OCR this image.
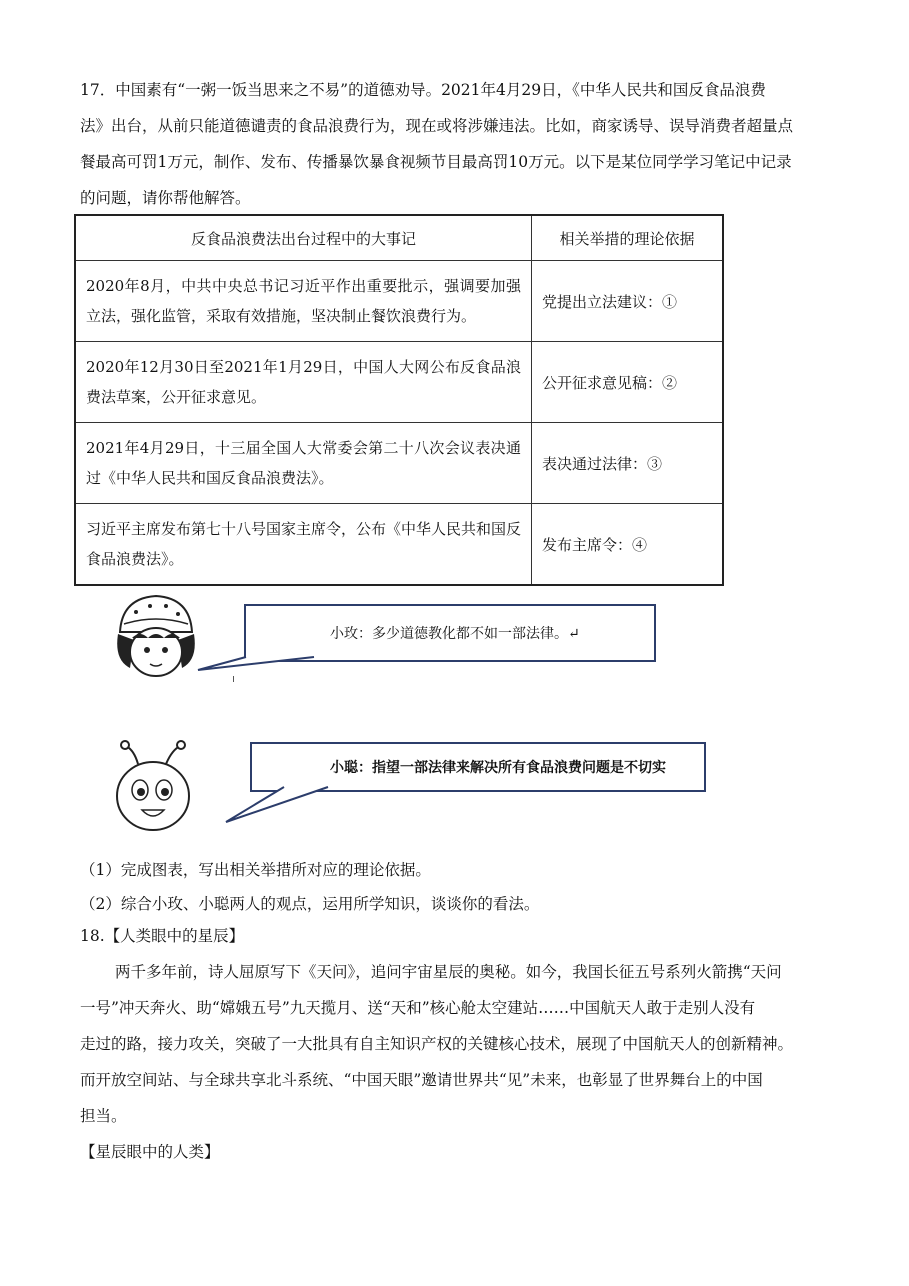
17．中国素有“一粥一饭当思来之不易”的道德劝导。2021年4月29日，《中华人民共和国反食品浪费
法》出台，从前只能道德谴责的食品浪费行为，现在或将涉嫌违法。比如，商家诱导、误导消费者超量点
餐最高可罚1万元，制作、发布、传播暴饮暴食视频节目最高罚10万元。以下是某位同学学习笔记中记录
的问题，请你帮他解答。
反食品浪费法出台过程中的大事记	相关举措的理论依据
2020年8月，中共中央总书记习近平作出重要批示，强调要加强立法，强化监管，采取有效措施，坚决制止餐饮浪费行为。	党提出立法建议：①
2020年12月30日至2021年1月29日，中国人大网公布反食品浪费法草案，公开征求意见。	公开征求意见稿：②
2021年4月29日，十三届全国人大常委会第二十八次会议表决通过《中华人民共和国反食品浪费法》。	表决通过法律：③
习近平主席发布第七十八号国家主席令，公布《中华人民共和国反食品浪费法》。	发布主席令：④
小玫：多少道德教化都不如一部法律。↵
小聪：指望一部法律来解决所有食品浪费问题是不切实
（1）完成图表，写出相关举措所对应的理论依据。
（2）综合小玫、小聪两人的观点，运用所学知识，谈谈你的看法。
18.【人类眼中的星辰】
两千多年前，诗人屈原写下《天问》，追问宇宙星辰的奥秘。如今，我国长征五号系列火箭携“天问
一号”冲天奔火、助“嫦娥五号”九天揽月、送“天和”核心舱太空建站……中国航天人敢于走别人没有
走过的路，接力攻关，突破了一大批具有自主知识产权的关键核心技术，展现了中国航天人的创新精神。
而开放空间站、与全球共享北斗系统、“中国天眼”邀请世界共“见”未来，也彰显了世界舞台上的中国
担当。
【星辰眼中的人类】
